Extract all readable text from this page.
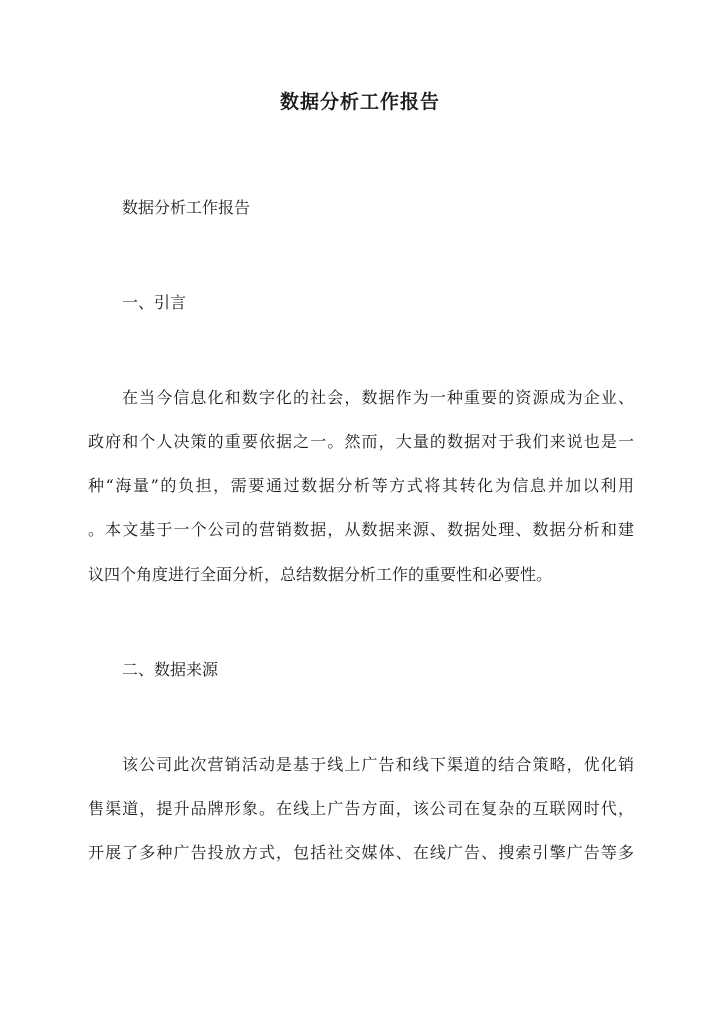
数据分析工作报告

数据分析工作报告

一、引言

在当今信息化和数字化的社会，数据作为一种重要的资源成为企业、

政府和个人决策的重要依据之一。然而，大量的数据对于我们来说也是一

种“海量”的负担，需要通过数据分析等方式将其转化为信息并加以利用

。本文基于一个公司的营销数据，从数据来源、数据处理、数据分析和建

议四个角度进行全面分析，总结数据分析工作的重要性和必要性。

二、数据来源

该公司此次营销活动是基于线上广告和线下渠道的结合策略，优化销

售渠道，提升品牌形象。在线上广告方面，该公司在复杂的互联网时代，

开展了多种广告投放方式，包括社交媒体、在线广告、搜索引擎广告等多
